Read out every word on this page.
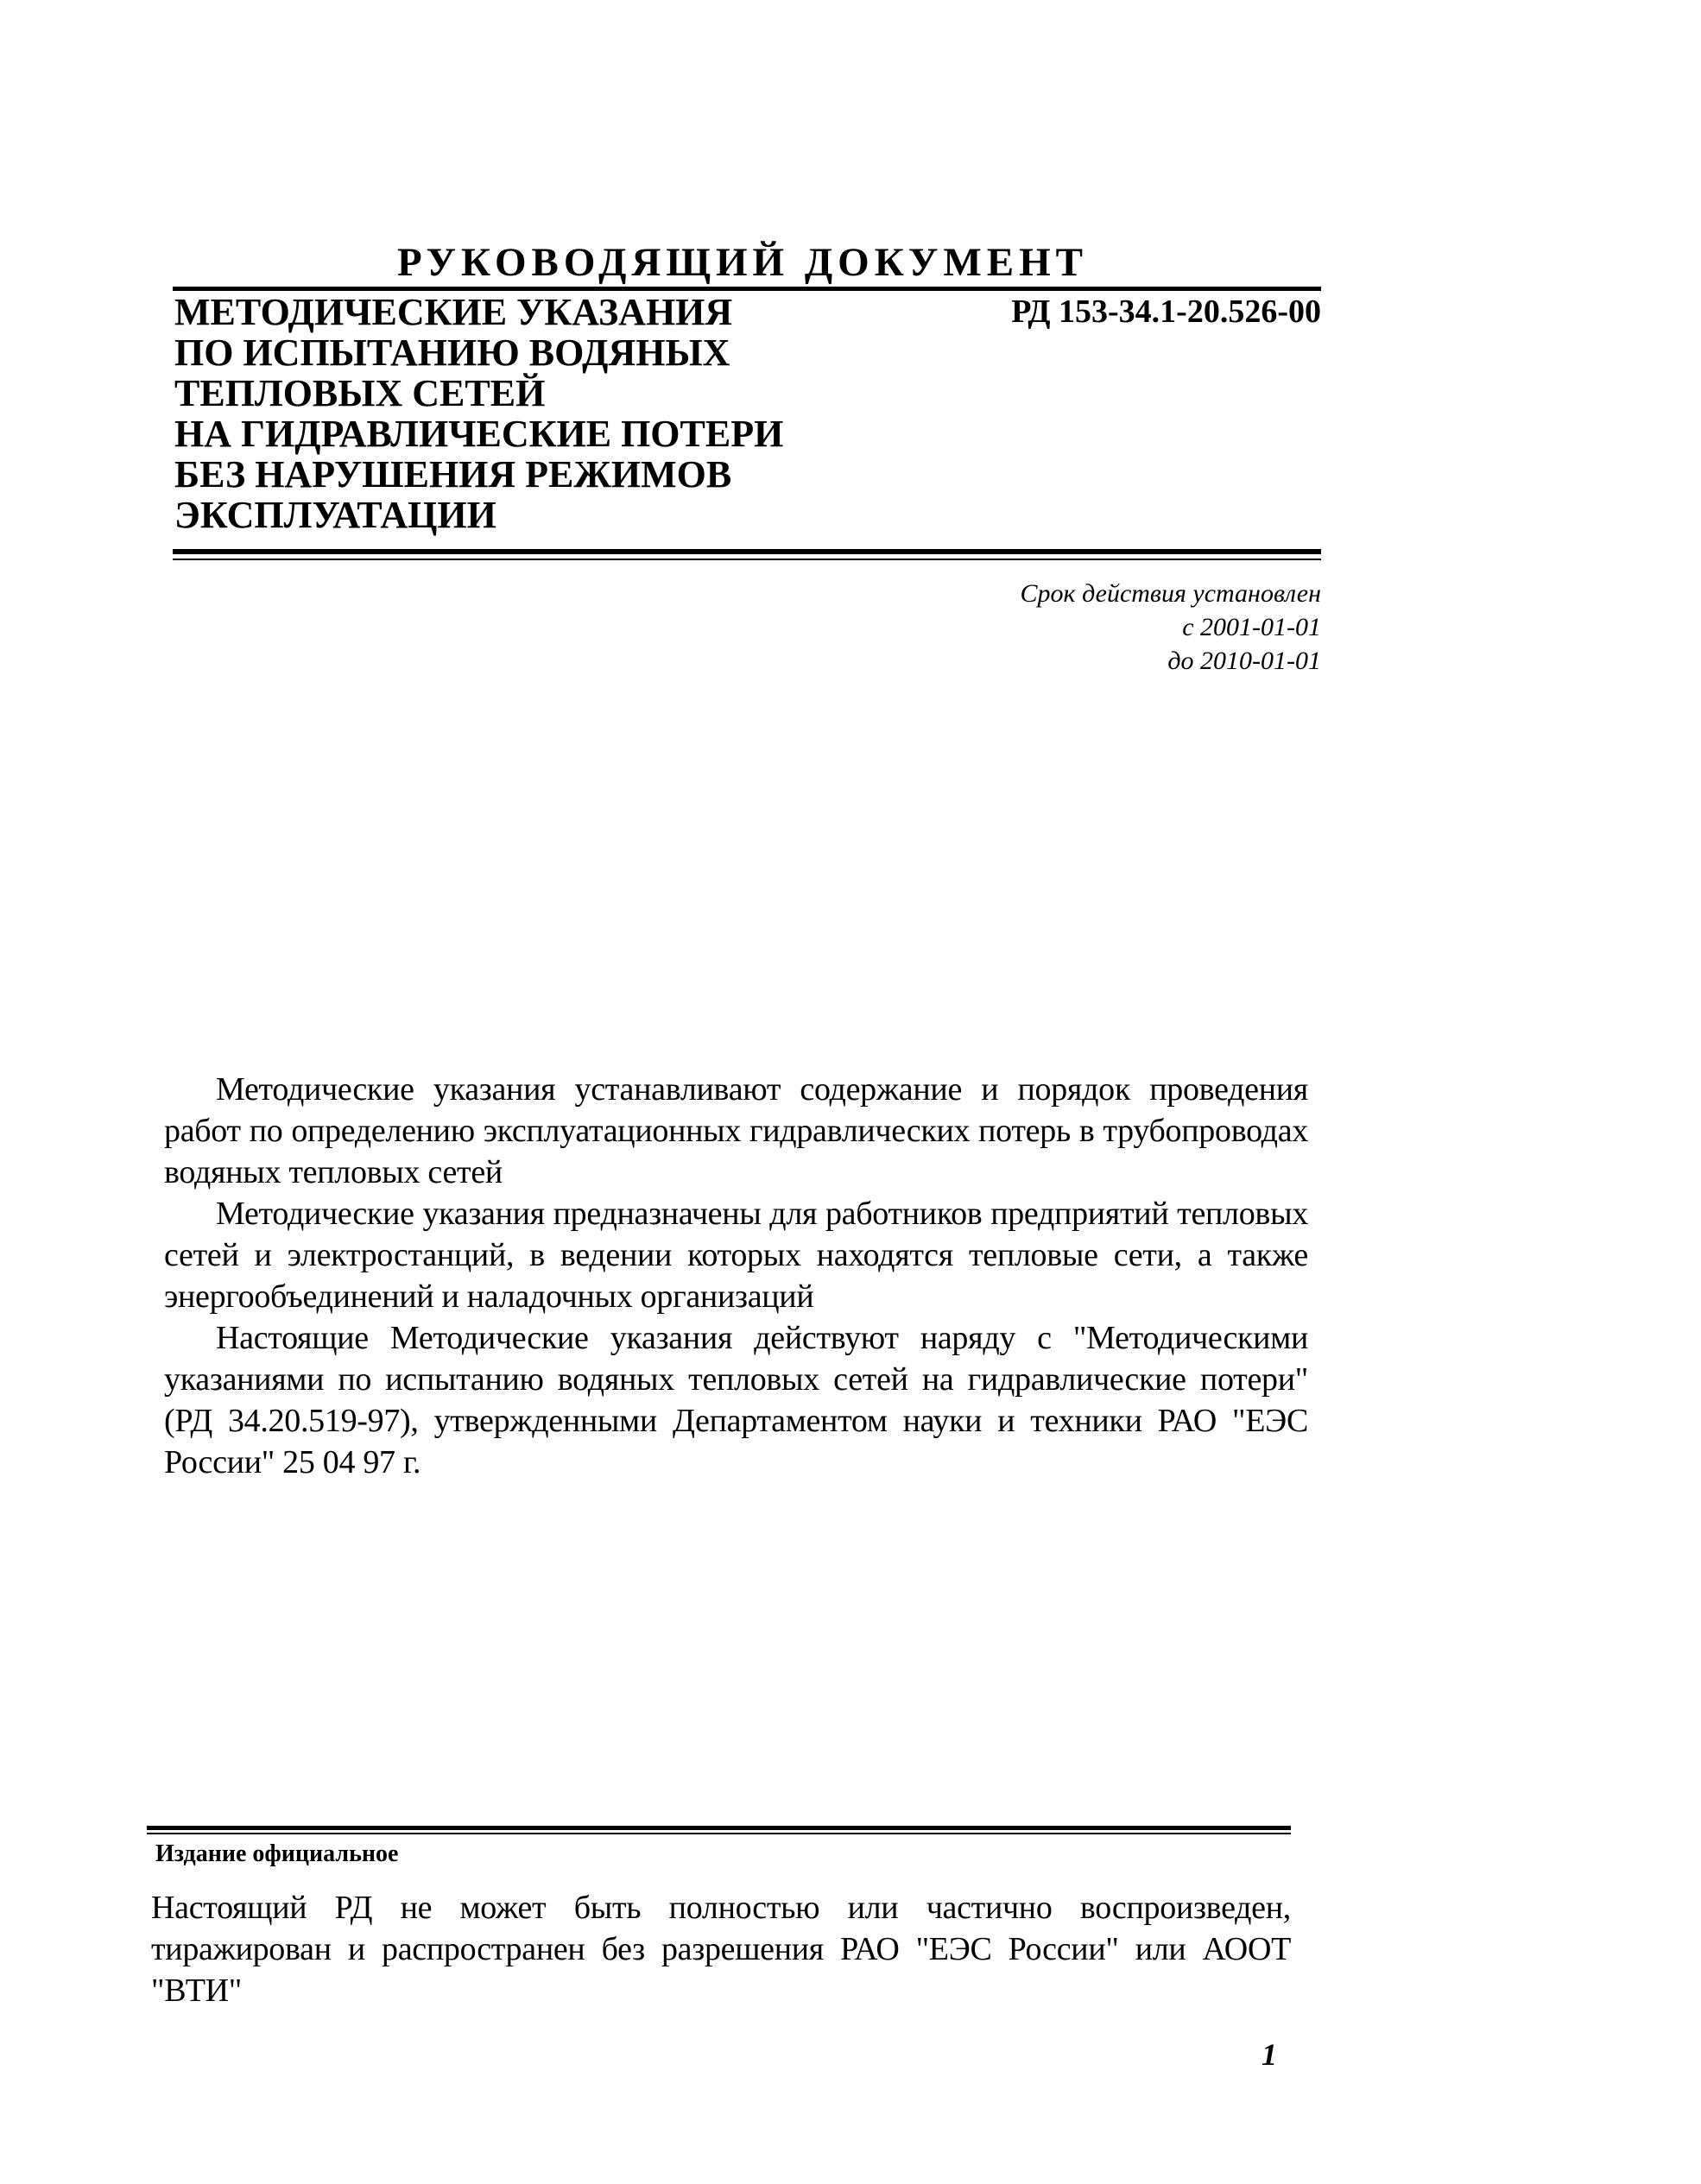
РУКОВОДЯЩИЙ ДОКУМЕНТ
МЕТОДИЧЕСКИЕ УКАЗАНИЯ
ПО ИСПЫТАНИЮ ВОДЯНЫХ
ТЕПЛОВЫХ СЕТЕЙ
НА ГИДРАВЛИЧЕСКИЕ ПОТЕРИ
БЕЗ НАРУШЕНИЯ РЕЖИМОВ
ЭКСПЛУАТАЦИИ
РД 153-34.1-20.526-00
Срок действия установлен
с 2001-01-01
до 2010-01-01

Методические указания устанавливают содержание и порядок проведения работ по определению эксплуатационных гидравлических потерь в трубопроводах водяных тепловых сетей

Методические указания предназначены для работников предприятий тепловых сетей и электростанций, в ведении которых находятся тепловые сети, а также энергообъединений и наладочных организаций

Настоящие Методические указания действуют наряду с "Методическими указаниями по испытанию водяных тепловых сетей на гидравлические потери" (РД 34.20.519-97), утвержденными Департаментом науки и техники РАО "ЕЭС России" 25 04 97 г.

Издание официальное
Настоящий РД не может быть полностью или частично воспроизведен, тиражирован и распространен без разрешения РАО "ЕЭС России" или АООТ "ВТИ"
1
